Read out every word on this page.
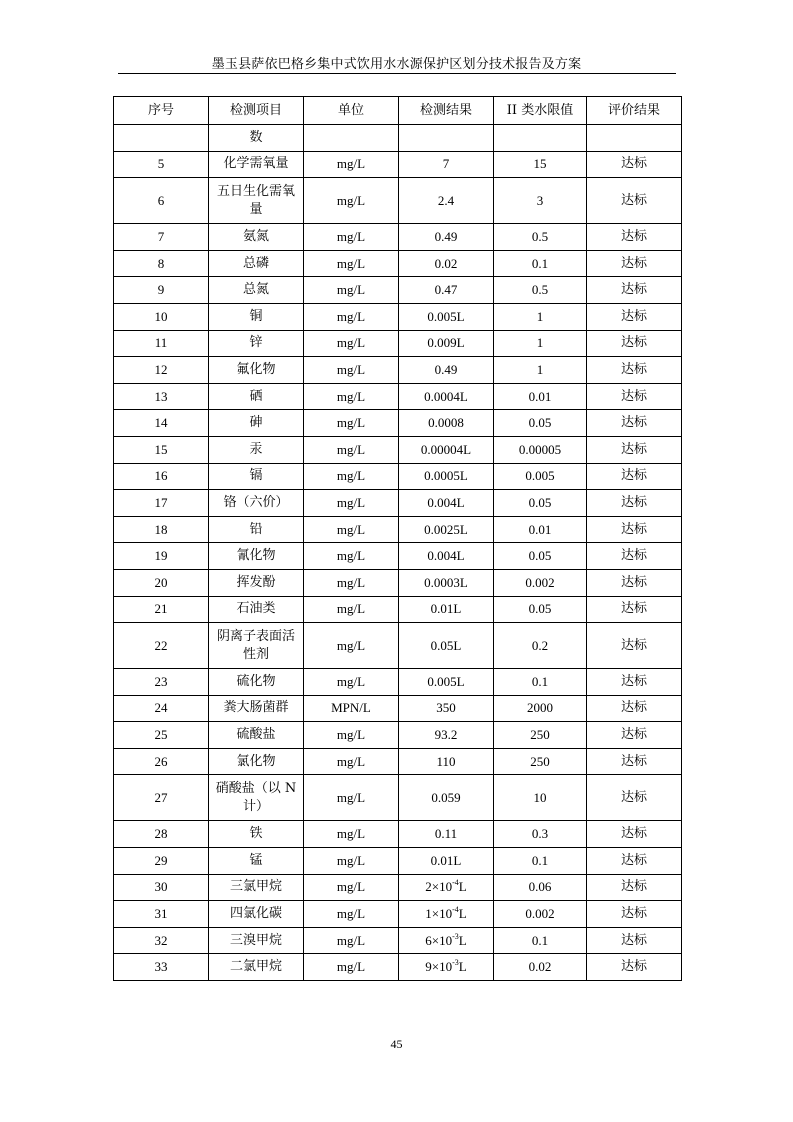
墨玉县萨依巴格乡集中式饮用水水源保护区划分技术报告及方案
序号	检测项目	单位	检测结果	II 类水限值	评价结果
	数				
5	化学需氧量	mg/L	7	15	达标
6	五日生化需氧量	mg/L	2.4	3	达标
7	氨氮	mg/L	0.49	0.5	达标
8	总磷	mg/L	0.02	0.1	达标
9	总氮	mg/L	0.47	0.5	达标
10	铜	mg/L	0.005L	1	达标
11	锌	mg/L	0.009L	1	达标
12	氟化物	mg/L	0.49	1	达标
13	硒	mg/L	0.0004L	0.01	达标
14	砷	mg/L	0.0008	0.05	达标
15	汞	mg/L	0.00004L	0.00005	达标
16	镉	mg/L	0.0005L	0.005	达标
17	铬（六价）	mg/L	0.004L	0.05	达标
18	铅	mg/L	0.0025L	0.01	达标
19	氰化物	mg/L	0.004L	0.05	达标
20	挥发酚	mg/L	0.0003L	0.002	达标
21	石油类	mg/L	0.01L	0.05	达标
22	阴离子表面活性剂	mg/L	0.05L	0.2	达标
23	硫化物	mg/L	0.005L	0.1	达标
24	粪大肠菌群	MPN/L	350	2000	达标
25	硫酸盐	mg/L	93.2	250	达标
26	氯化物	mg/L	110	250	达标
27	硝酸盐（以 N 计）	mg/L	0.059	10	达标
28	铁	mg/L	0.11	0.3	达标
29	锰	mg/L	0.01L	0.1	达标
30	三氯甲烷	mg/L	$2\times 10^{-4}L$	0.06	达标
31	四氯化碳	mg/L	$1\times 10^{-4}L$	0.002	达标
32	三溴甲烷	mg/L	$6\times 10^{-3}L$	0.1	达标
33	二氯甲烷	mg/L	$9\times 10^{-3}L$	0.02	达标
45
